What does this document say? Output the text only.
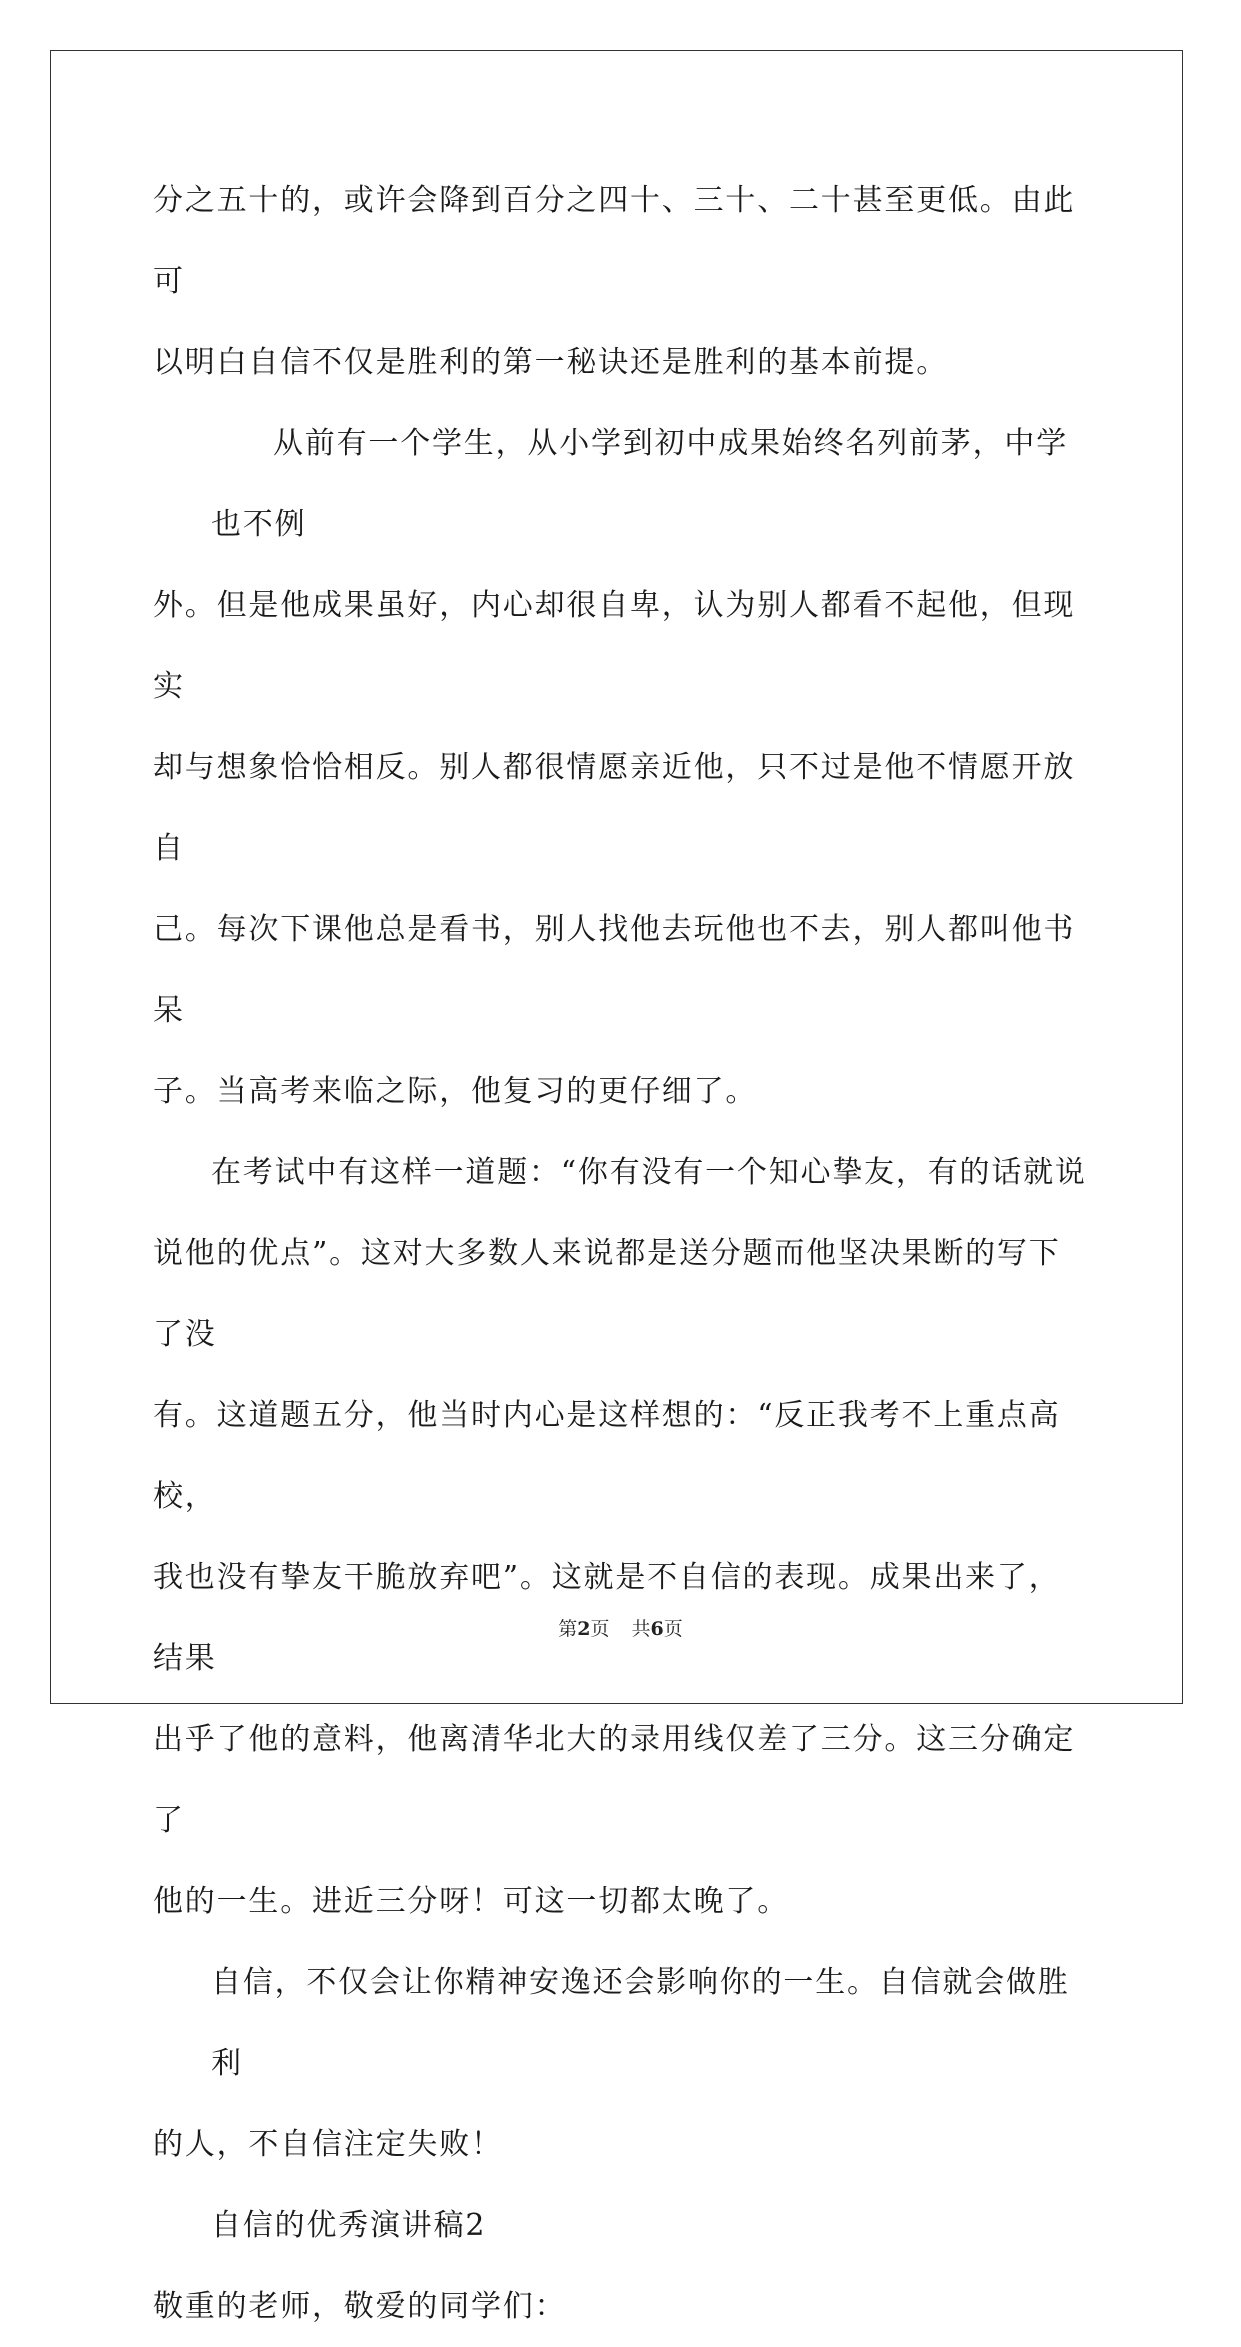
分之五十的，或许会降到百分之四十、三十、二十甚至更低。由此可
以明白自信不仅是胜利的第一秘诀还是胜利的基本前提。
从前有一个学生，从小学到初中成果始终名列前茅，中学也不例
外。但是他成果虽好，内心却很自卑，认为别人都看不起他，但现实
却与想象恰恰相反。别人都很情愿亲近他，只不过是他不情愿开放自
己。每次下课他总是看书，别人找他去玩他也不去，别人都叫他书呆
子。当高考来临之际，他复习的更仔细了。
在考试中有这样一道题：“你有没有一个知心挚友，有的话就说
说他的优点”。这对大多数人来说都是送分题而他坚决果断的写下了没
有。这道题五分，他当时内心是这样想的：“反正我考不上重点高校，
我也没有挚友干脆放弃吧”。这就是不自信的表现。成果出来了，结果
出乎了他的意料，他离清华北大的录用线仅差了三分。这三分确定了
他的一生。进近三分呀！可这一切都太晚了。
自信，不仅会让你精神安逸还会影响你的一生。自信就会做胜利
的人，不自信注定失败！
自信的优秀演讲稿2
敬重的老师，敬爱的同学们：
第2页 共6页
